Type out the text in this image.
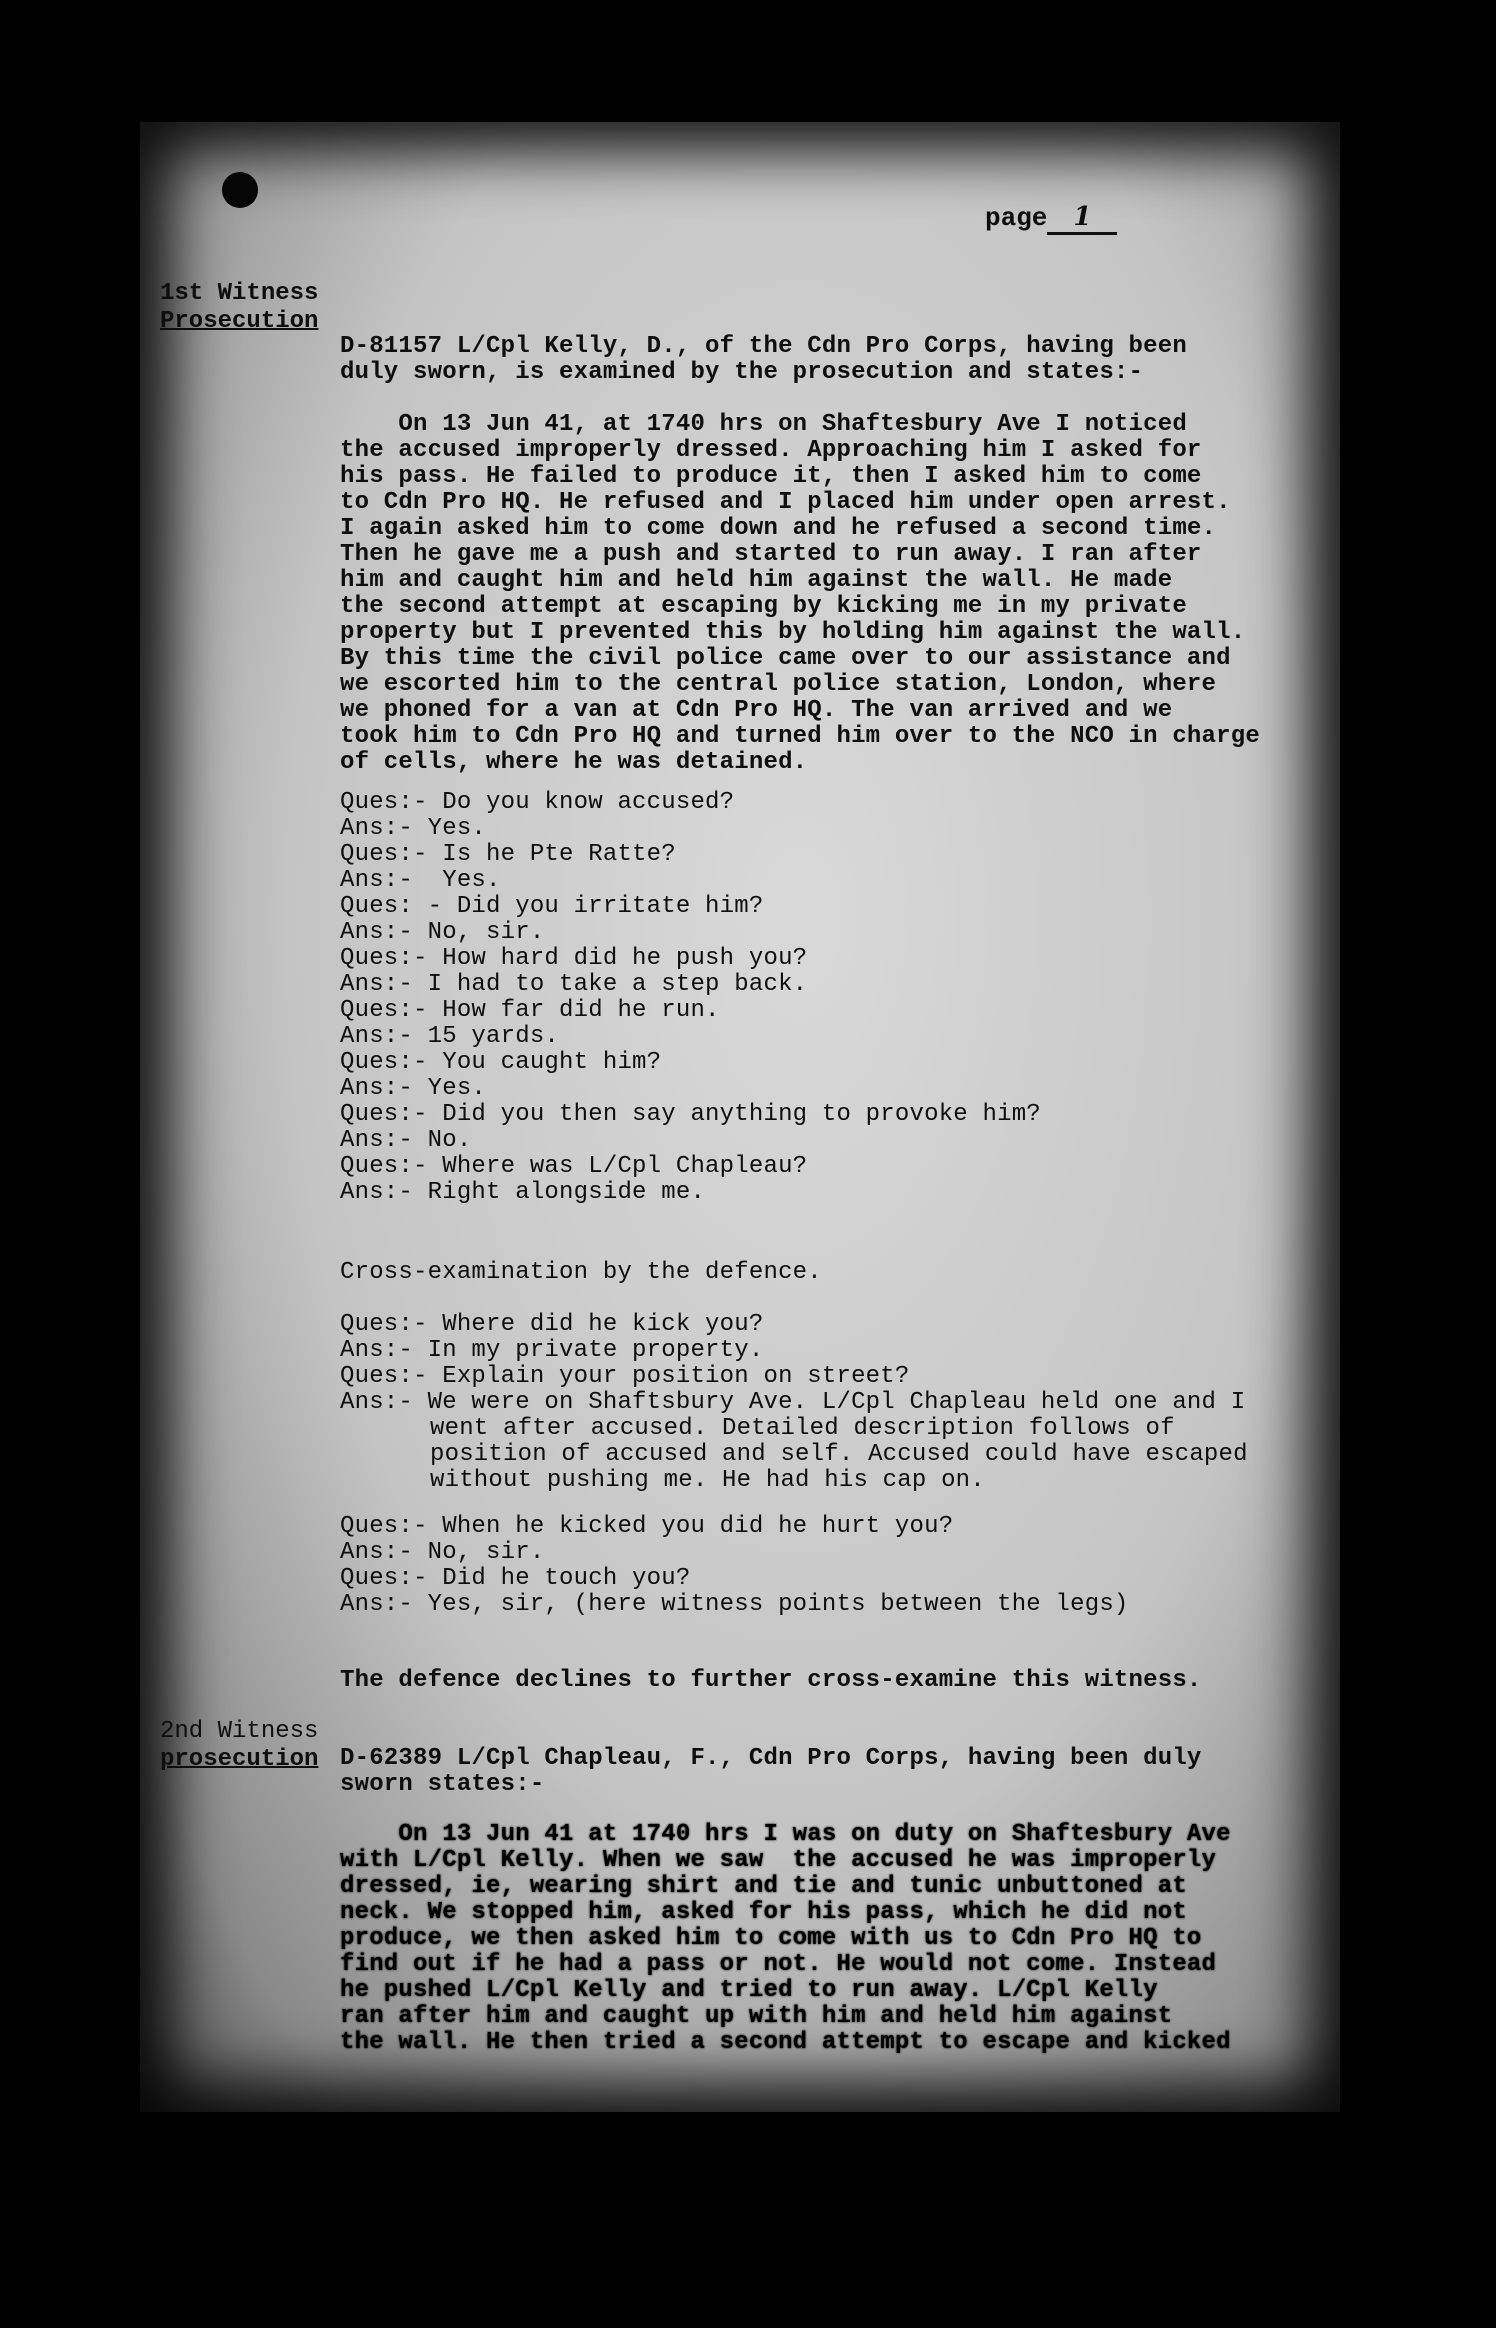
page 1
1st Witness
Prosecution
D-81157 L/Cpl Kelly, D., of the Cdn Pro Corps, having been
duly sworn, is examined by the prosecution and states:-
On 13 Jun 41, at 1740 hrs on Shaftesbury Ave I noticed
the accused improperly dressed. Approaching him I asked for
his pass. He failed to produce it, then I asked him to come
to Cdn Pro HQ. He refused and I placed him under open arrest.
I again asked him to come down and he refused a second time.
Then he gave me a push and started to run away. I ran after
him and caught him and held him against the wall. He made
the second attempt at escaping by kicking me in my private
property but I prevented this by holding him against the wall.
By this time the civil police came over to our assistance and
we escorted him to the central police station, London, where
we phoned for a van at Cdn Pro HQ. The van arrived and we
took him to Cdn Pro HQ and turned him over to the NCO in charge
of cells, where he was detained.
Ques:- Do you know accused?
Ans:- Yes.
Ques:- Is he Pte Ratte?
Ans:-  Yes.
Ques: - Did you irritate him?
Ans:- No, sir.
Ques:- How hard did he push you?
Ans:- I had to take a step back.
Ques:- How far did he run.
Ans:- 15 yards.
Ques:- You caught him?
Ans:- Yes.
Ques:- Did you then say anything to provoke him?
Ans:- No.
Ques:- Where was L/Cpl Chapleau?
Ans:- Right alongside me.
Cross-examination by the defence.
Ques:- Where did he kick you?
Ans:- In my private property.
Ques:- Explain your position on street?
Ans:- We were on Shaftsbury Ave. L/Cpl Chapleau held one and I
went after accused. Detailed description follows of
position of accused and self. Accused could have escaped
without pushing me. He had his cap on.
Ques:- When he kicked you did he hurt you?
Ans:- No, sir.
Ques:- Did he touch you?
Ans:- Yes, sir, (here witness points between the legs)
The defence declines to further cross-examine this witness.
2nd Witness
prosecution D-62389 L/Cpl Chapleau, F., Cdn Pro Corps, having been duly
sworn states:-
On 13 Jun 41 at 1740 hrs I was on duty on Shaftesbury Ave
with L/Cpl Kelly. When we saw  the accused he was improperly
dressed, ie, wearing shirt and tie and tunic unbuttoned at
neck. We stopped him, asked for his pass, which he did not
produce, we then asked him to come with us to Cdn Pro HQ to
find out if he had a pass or not. He would not come. Instead
he pushed L/Cpl Kelly and tried to run away. L/Cpl Kelly
ran after him and caught up with him and held him against
the wall. He then tried a second attempt to escape and kicked
